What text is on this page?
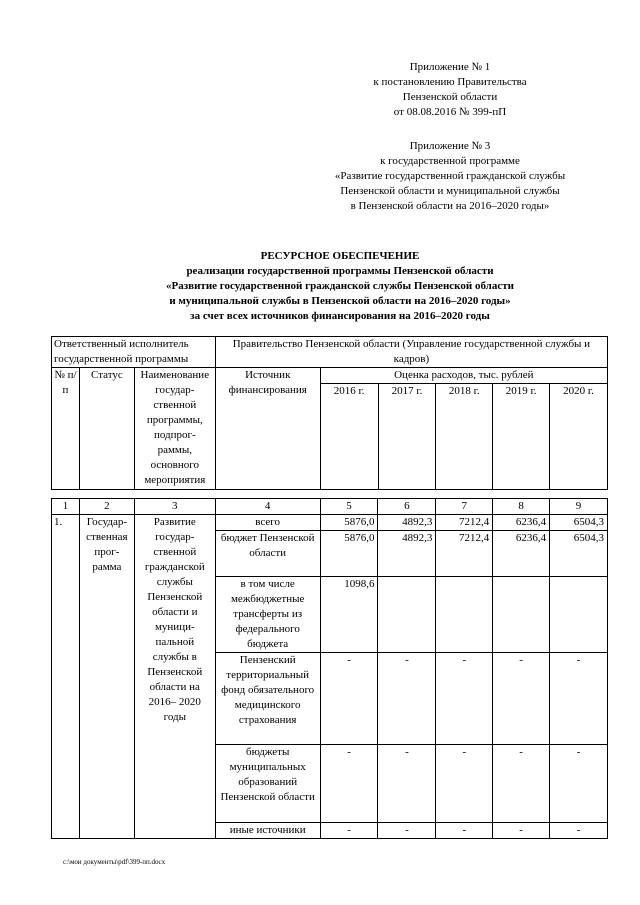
Приложение № 1
к постановлению Правительства
Пензенской области
от 08.08.2016 № 399-пП
Приложение № 3
к государственной программе
«Развитие государственной гражданской службы
Пензенской области и муниципальной службы
в Пензенской области на 2016–2020 годы»
РЕСУРСНОЕ ОБЕСПЕЧЕНИЕ
реализации государственной программы Пензенской области
«Развитие государственной гражданской службы Пензенской области
и муниципальной службы в Пензенской области на 2016–2020 годы»
за счет всех источников финансирования на 2016–2020 годы
Ответственный исполнитель государственной программы			Правительство Пензенской области (Управление государственной службы и кадров)					
№ п/п	Статус	Наименование государ- ственной программы, подпрог- раммы, основного мероприятия	Источник финансирования	Оценка расходов, тыс. рублей				
				2016 г.	2017 г.	2018 г.	2019 г.	2020 г.
1	2	3	4	5	6	7	8	9
1.	Государ- ственная прог- рамма	Развитие государ- ственной гражданской службы Пензенской области и муници- пальной службы в Пензенской области на 2016– 2020 годы	всего	5876,0	4892,3	7212,4	6236,4	6504,3
			бюджет Пензенской области	5876,0	4892,3	7212,4	6236,4	6504,3
			в том числе межбюджетные трансферты из федерального бюджета	1098,6				
			Пензенский территориальный фонд обязательного медицинского страхования	-	-	-	-	-
			бюджеты муниципальных образований Пензенской области	-	-	-	-	-
			иные источники	-	-	-	-	-
c:\мои документы\pdf\399-пп.docx
